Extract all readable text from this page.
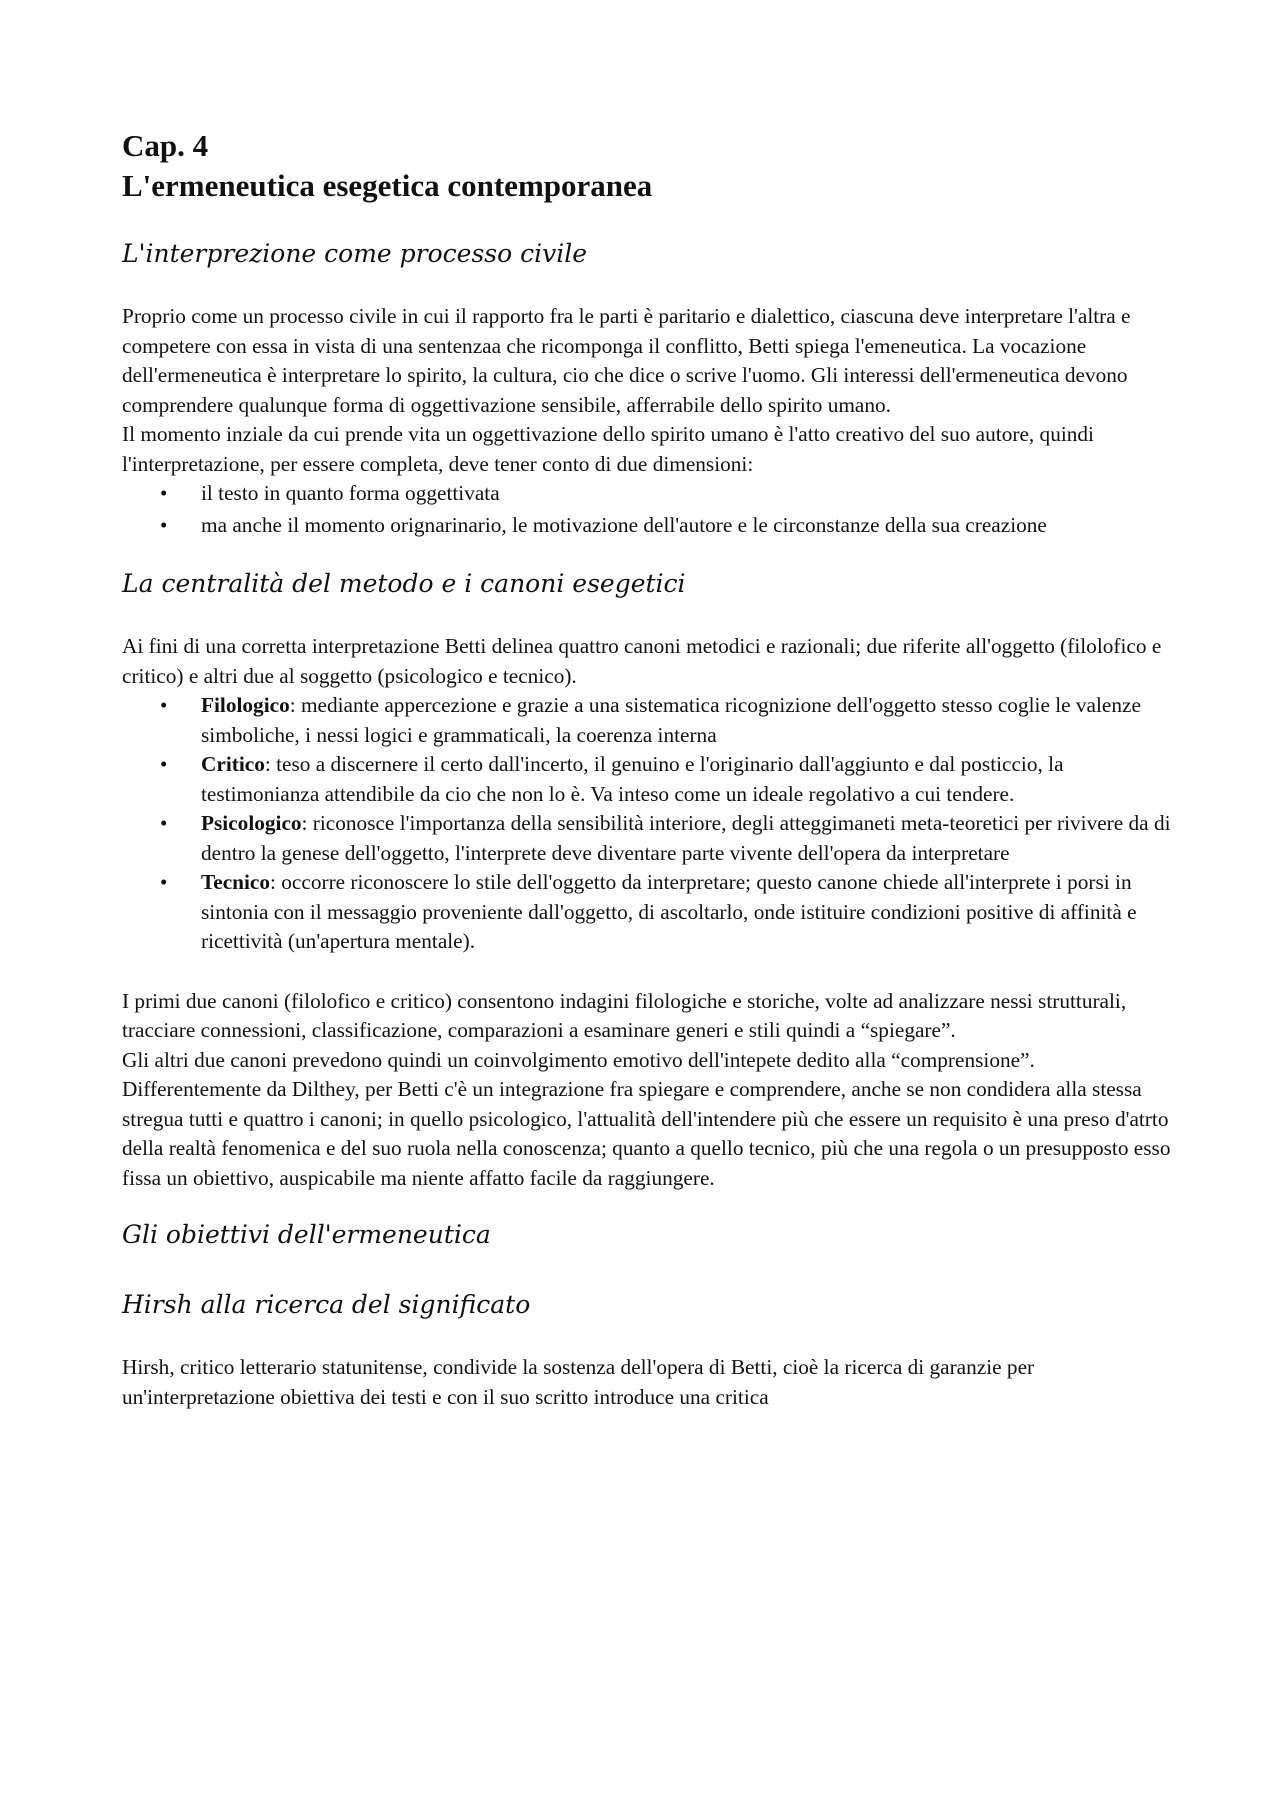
Cap. 4
L'ermeneutica esegetica contemporanea
L'interprezione come processo civile

Proprio come un processo civile in cui il rapporto fra le parti è paritario e dialettico, ciascuna deve interpretare l'altra e competere con essa in vista di una sentenzaa che ricomponga il conflitto, Betti spiega l'emeneutica. La vocazione dell'ermeneutica è interpretare lo spirito, la cultura, cio che dice o scrive l'uomo. Gli interessi dell'ermeneutica devono comprendere qualunque forma di oggettivazione sensibile, afferrabile dello spirito umano.

Il momento inziale da cui prende vita un oggettivazione dello spirito umano è l'atto creativo del suo autore, quindi l'interpretazione, per essere completa, deve tener conto di due dimensioni:

• il testo in quanto forma oggettivata
• ma anche il momento orignarinario, le motivazione dell'autore e le circonstanze della sua creazione
La centralità del metodo e i canoni esegetici

Ai fini di una corretta interpretazione Betti delinea quattro canoni metodici e razionali; due riferite all'oggetto (filolofico e critico) e altri due al soggetto (psicologico e tecnico).

• Filologico: mediante appercezione e grazie a una sistematica ricognizione dell'oggetto stesso coglie le valenze simboliche, i nessi logici e grammaticali, la coerenza interna
• Critico: teso a discernere il certo dall'incerto, il genuino e l'originario dall'aggiunto e dal posticcio, la testimonianza attendibile da cio che non lo è. Va inteso come un ideale regolativo a cui tendere.
• Psicologico: riconosce l'importanza della sensibilità interiore, degli atteggimaneti meta-teoretici per rivivere da di dentro la genese dell'oggetto, l'interprete deve diventare parte vivente dell'opera da interpretare
• Tecnico: occorre riconoscere lo stile dell'oggetto da interpretare; questo canone chiede all'interprete i porsi in sintonia con il messaggio proveniente dall'oggetto, di ascoltarlo, onde istituire condizioni positive di affinità e ricettività (un'apertura mentale).

I primi due canoni (filolofico e critico) consentono indagini filologiche e storiche, volte ad analizzare nessi strutturali, tracciare connessioni, classificazione, comparazioni a esaminare generi e stili quindi a “spiegare”.

Gli altri due canoni prevedono quindi un coinvolgimento emotivo dell'intepete dedito alla “comprensione”.

Differentemente da Dilthey, per Betti c'è un integrazione fra spiegare e comprendere, anche se non condidera alla stessa stregua tutti e quattro i canoni; in quello psicologico, l'attualità dell'intendere più che essere un requisito è una preso d'atrto della realtà fenomenica e del suo ruola nella conoscenza; quanto a quello tecnico, più che una regola o un presupposto esso fissa un obiettivo, auspicabile ma niente affatto facile da raggiungere.

Gli obiettivi dell'ermeneutica
Hirsh alla ricerca del significato

Hirsh, critico letterario statunitense, condivide la sostenza dell'opera di Betti, cioè la ricerca di garanzie per un'interpretazione obiettiva dei testi e con il suo scritto introduce una critica
